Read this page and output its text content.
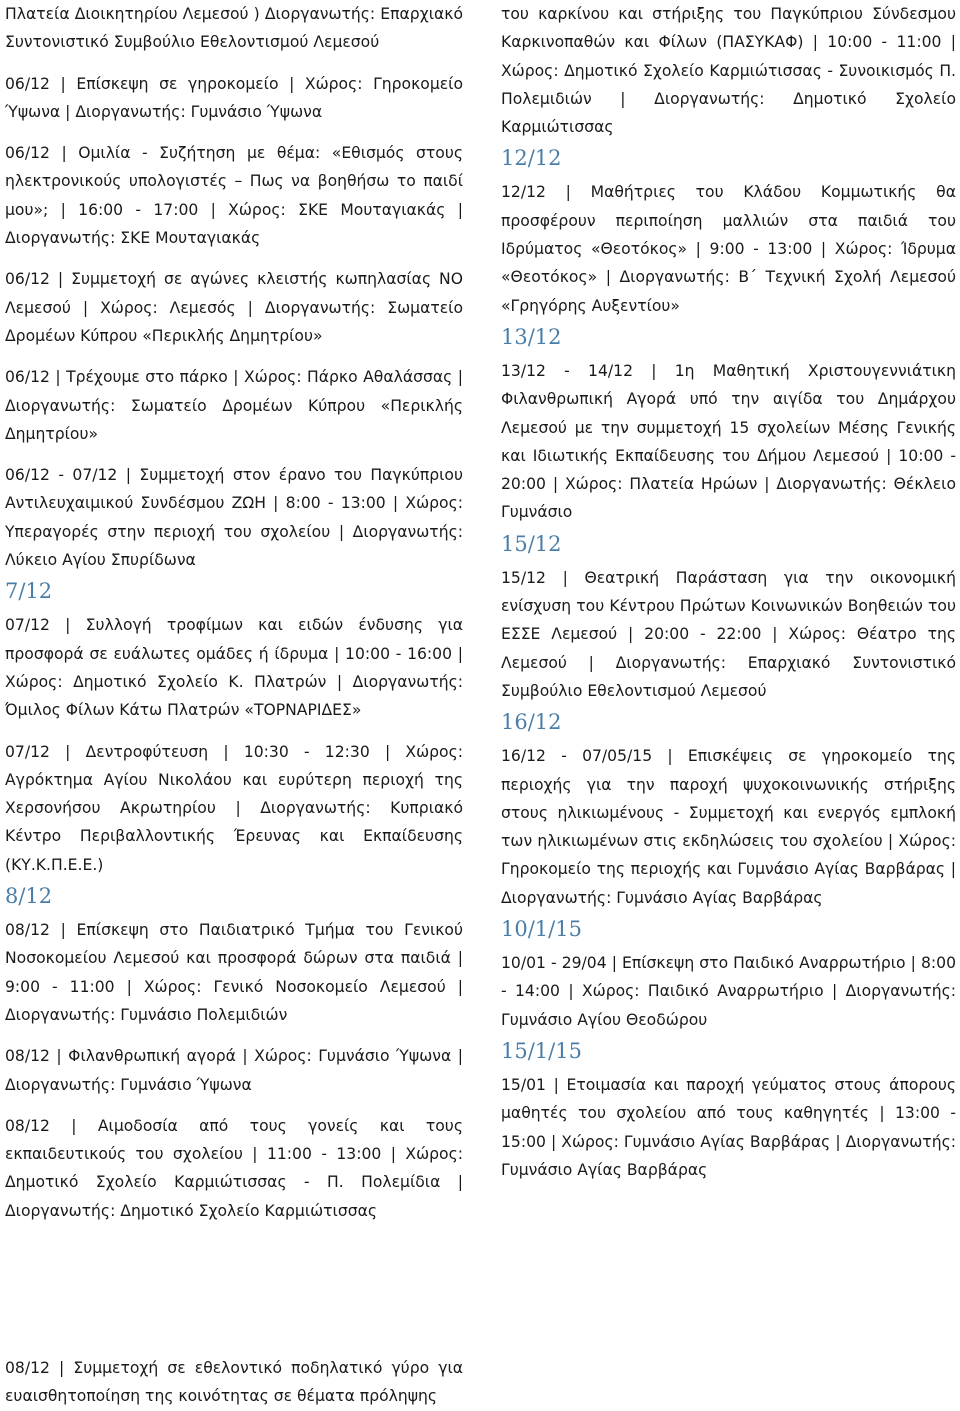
Πλατεία Διοικητηρίου Λεμεσού ) Διοργανωτής: Επαρχιακό Συντονιστικό Συμβούλιο Εθελοντισμού Λεμεσού
06/12 | Επίσκεψη σε γηροκομείο | Χώρος: Γηροκομείο Ύψωνα | Διοργανωτής: Γυμνάσιο Ύψωνα
06/12 | Ομιλία - Συζήτηση με θέμα: «Εθισμός στους ηλεκτρονικούς υπολογιστές – Πως να βοηθήσω το παιδί μου»; | 16:00 - 17:00 | Χώρος: ΣΚΕ Μουταγιακάς | Διοργανωτής: ΣΚΕ Μουταγιακάς
06/12 | Συμμετοχή σε αγώνες κλειστής κωπηλασίας ΝΟ Λεμεσού | Χώρος: Λεμεσός | Διοργανωτής: Σωματείο Δρομέων Κύπρου «Περικλής Δημητρίου»
06/12 | Τρέχουμε στο πάρκο | Χώρος: Πάρκο Αθαλάσσας | Διοργανωτής: Σωματείο Δρομέων Κύπρου «Περικλής Δημητρίου»
06/12 - 07/12 | Συμμετοχή στον έρανο του Παγκύπριου Αντιλευχαιμικού Συνδέσμου ΖΩΗ | 8:00 - 13:00 | Χώρος: Υπεραγορές στην περιοχή του σχολείου | Διοργανωτής: Λύκειο Αγίου Σπυρίδωνα
7/12
07/12 | Συλλογή τροφίμων και ειδών ένδυσης για προσφορά σε ευάλωτες ομάδες ή ίδρυμα | 10:00 - 16:00 | Χώρος: Δημοτικό Σχολείο Κ. Πλατρών | Διοργανωτής: Όμιλος Φίλων Κάτω Πλατρών «ΤΟΡΝΑΡΙΔΕΣ»
07/12 | Δεντροφύτευση | 10:30 - 12:30 | Χώρος: Αγρόκτημα Αγίου Νικολάου και ευρύτερη περιοχή της Χερσονήσου Ακρωτηρίου | Διοργανωτής: Κυπριακό Κέντρο Περιβαλλοντικής Έρευνας και Εκπαίδευσης (ΚΥ.Κ.Π.Ε.Ε.)
8/12
08/12 | Επίσκεψη στο Παιδιατρικό Τμήμα του Γενικού Νοσοκομείου Λεμεσού και προσφορά δώρων στα παιδιά | 9:00 - 11:00 | Χώρος: Γενικό Νοσοκομείο Λεμεσού | Διοργανωτής: Γυμνάσιο Πολεμιδιών
08/12 | Φιλανθρωπική αγορά | Χώρος: Γυμνάσιο Ύψωνα | Διοργανωτής: Γυμνάσιο Ύψωνα
08/12 | Αιμοδοσία από τους γονείς και τους εκπαιδευτικούς του σχολείου | 11:00 - 13:00 | Χώρος: Δημοτικό Σχολείο Καρμιώτισσας - Π. Πολεμίδια | Διοργανωτής: Δημοτικό Σχολείο Καρμιώτισσας
του καρκίνου και στήριξης του Παγκύπριου Σύνδεσμου Καρκινοπαθών και Φίλων (ΠΑΣΥΚΑΦ) | 10:00 - 11:00 | Χώρος: Δημοτικό Σχολείο Καρμιώτισσας - Συνοικισμός Π. Πολεμιδιών | Διοργανωτής: Δημοτικό Σχολείο Καρμιώτισσας
12/12
12/12 | Μαθήτριες του Κλάδου Κομμωτικής θα προσφέρουν περιποίηση μαλλιών στα παιδιά του Ιδρύματος «Θεοτόκος» | 9:00 - 13:00 | Χώρος: Ίδρυμα «Θεοτόκος» | Διοργανωτής: Β΄ Τεχνική Σχολή Λεμεσού «Γρηγόρης Αυξεντίου»
13/12
13/12 - 14/12 | 1η Μαθητική Χριστουγεννιάτικη Φιλανθρωπική Αγορά υπό την αιγίδα του Δημάρχου Λεμεσού με την συμμετοχή 15 σχολείων Μέσης Γενικής και Ιδιωτικής Εκπαίδευσης του Δήμου Λεμεσού | 10:00 - 20:00 | Χώρος: Πλατεία Ηρώων | Διοργανωτής: Θέκλειο Γυμνάσιο
15/12
15/12 | Θεατρική Παράσταση για την οικονομική ενίσχυση του Κέντρου Πρώτων Κοινωνικών Βοηθειών του ΕΣΣΕ Λεμεσού | 20:00 - 22:00 | Χώρος: Θέατρο της Λεμεσού | Διοργανωτής: Επαρχιακό Συντονιστικό Συμβούλιο Εθελοντισμού Λεμεσού
16/12
16/12 - 07/05/15 | Επισκέψεις σε γηροκομείο της περιοχής για την παροχή ψυχοκοινωνικής στήριξης στους ηλικιωμένους - Συμμετοχή και ενεργός εμπλοκή των ηλικιωμένων στις εκδηλώσεις του σχολείου | Χώρος: Γηροκομείο της περιοχής και Γυμνάσιο Αγίας Βαρβάρας | Διοργανωτής: Γυμνάσιο Αγίας Βαρβάρας
10/1/15
10/01 - 29/04 | Επίσκεψη στο Παιδικό Αναρρωτήριο | 8:00 - 14:00 | Χώρος: Παιδικό Αναρρωτήριο | Διοργανωτής: Γυμνάσιο Αγίου Θεοδώρου
15/1/15
15/01 | Ετοιμασία και παροχή γεύματος στους άπορους μαθητές του σχολείου από τους καθηγητές | 13:00 - 15:00 | Χώρος: Γυμνάσιο Αγίας Βαρβάρας | Διοργανωτής: Γυμνάσιο Αγίας Βαρβάρας
08/12 | Συμμετοχή σε εθελοντικό ποδηλατικό γύρο για ευαισθητοποίηση της κοινότητας σε θέματα πρόληψης
